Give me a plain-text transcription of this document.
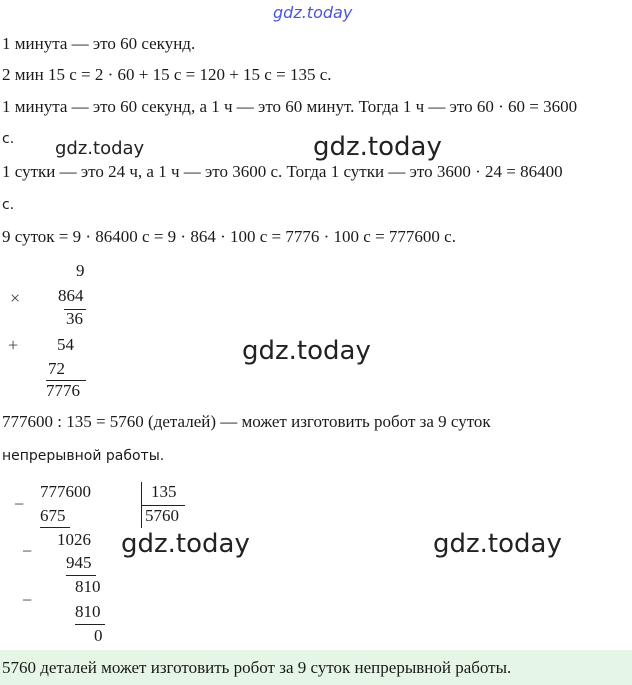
gdz.today
gdz.today	gdz.today
gdz.today
gdz.today	gdz.today
1 минута — это 60 секунд.
2 мин 15 с = 2 · 60 + 15 с = 120 + 15 с = 135 с.
1 минута — это 60 секунд, а 1 ч — это 60 минут. Тогда 1 ч — это 60 · 60 = 3600
с.
1 сутки — это 24 ч, а 1 ч — это 3600 с. Тогда 1 сутки — это 3600 · 24 = 86400
с.
9 суток = 9 · 86400 с = 9 · 864 · 100 с = 7776 · 100 с = 777600 с.
9
× 864
36
+ 54
72
7776
777600 : 135 = 5760 (деталей) — может изготовить робот за 9 суток
непрерывной работы.
777600
−
675
135
5760
−
1026
945
−
810
810
0
5760 деталей может изготовить робот за 9 суток непрерывной работы.
